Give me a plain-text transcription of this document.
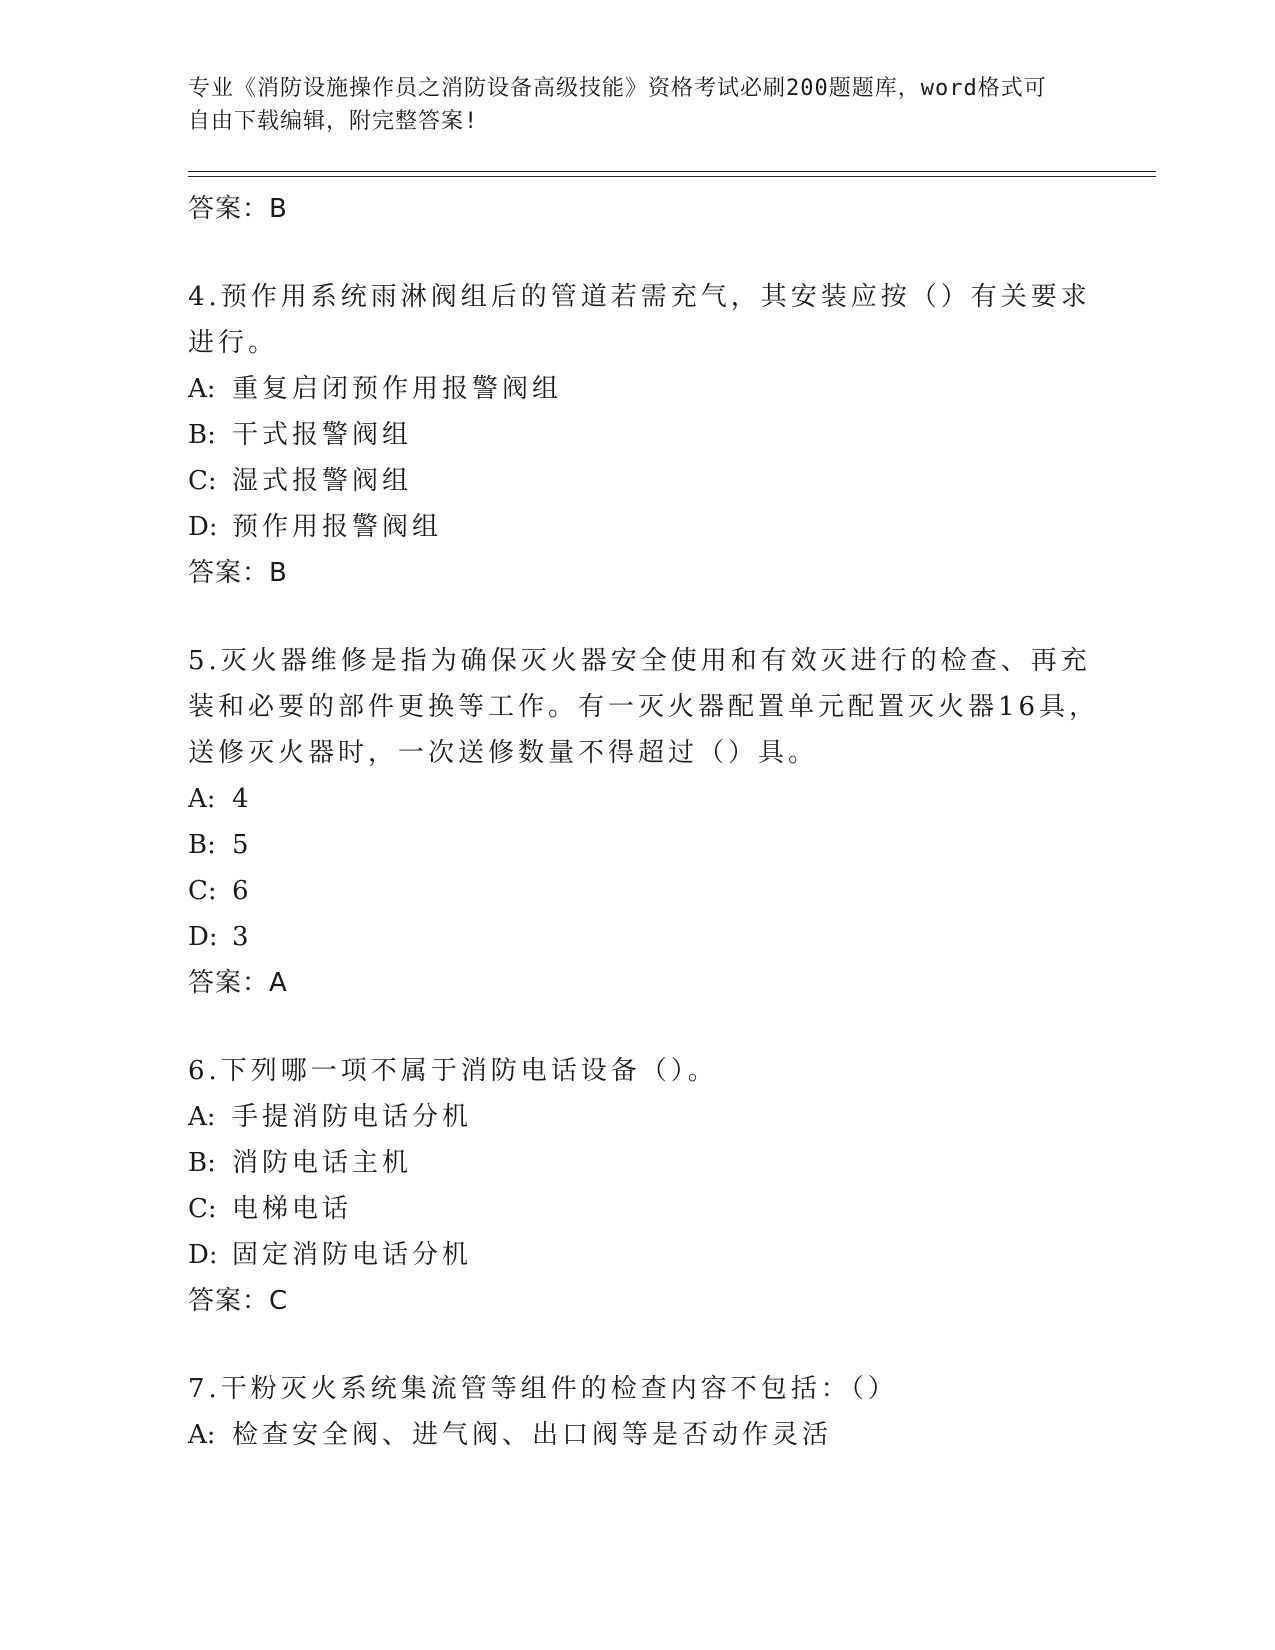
专业《消防设施操作员之消防设备高级技能》资格考试必刷200题题库，word格式可自由下载编辑，附完整答案!
答案：B
4.预作用系统雨淋阀组后的管道若需充气，其安装应按（）有关要求进行。
A: 重复启闭预作用报警阀组
B: 干式报警阀组
C: 湿式报警阀组
D: 预作用报警阀组
答案：B
5.灭火器维修是指为确保灭火器安全使用和有效灭进行的检查、再充装和必要的部件更换等工作。有一灭火器配置单元配置灭火器16具，送修灭火器时，一次送修数量不得超过（）具。
A: 4
B: 5
C: 6
D: 3
答案：A
6.下列哪一项不属于消防电话设备（）。
A: 手提消防电话分机
B: 消防电话主机
C: 电梯电话
D: 固定消防电话分机
答案：C
7.干粉灭火系统集流管等组件的检查内容不包括：（）
A: 检查安全阀、进气阀、出口阀等是否动作灵活
